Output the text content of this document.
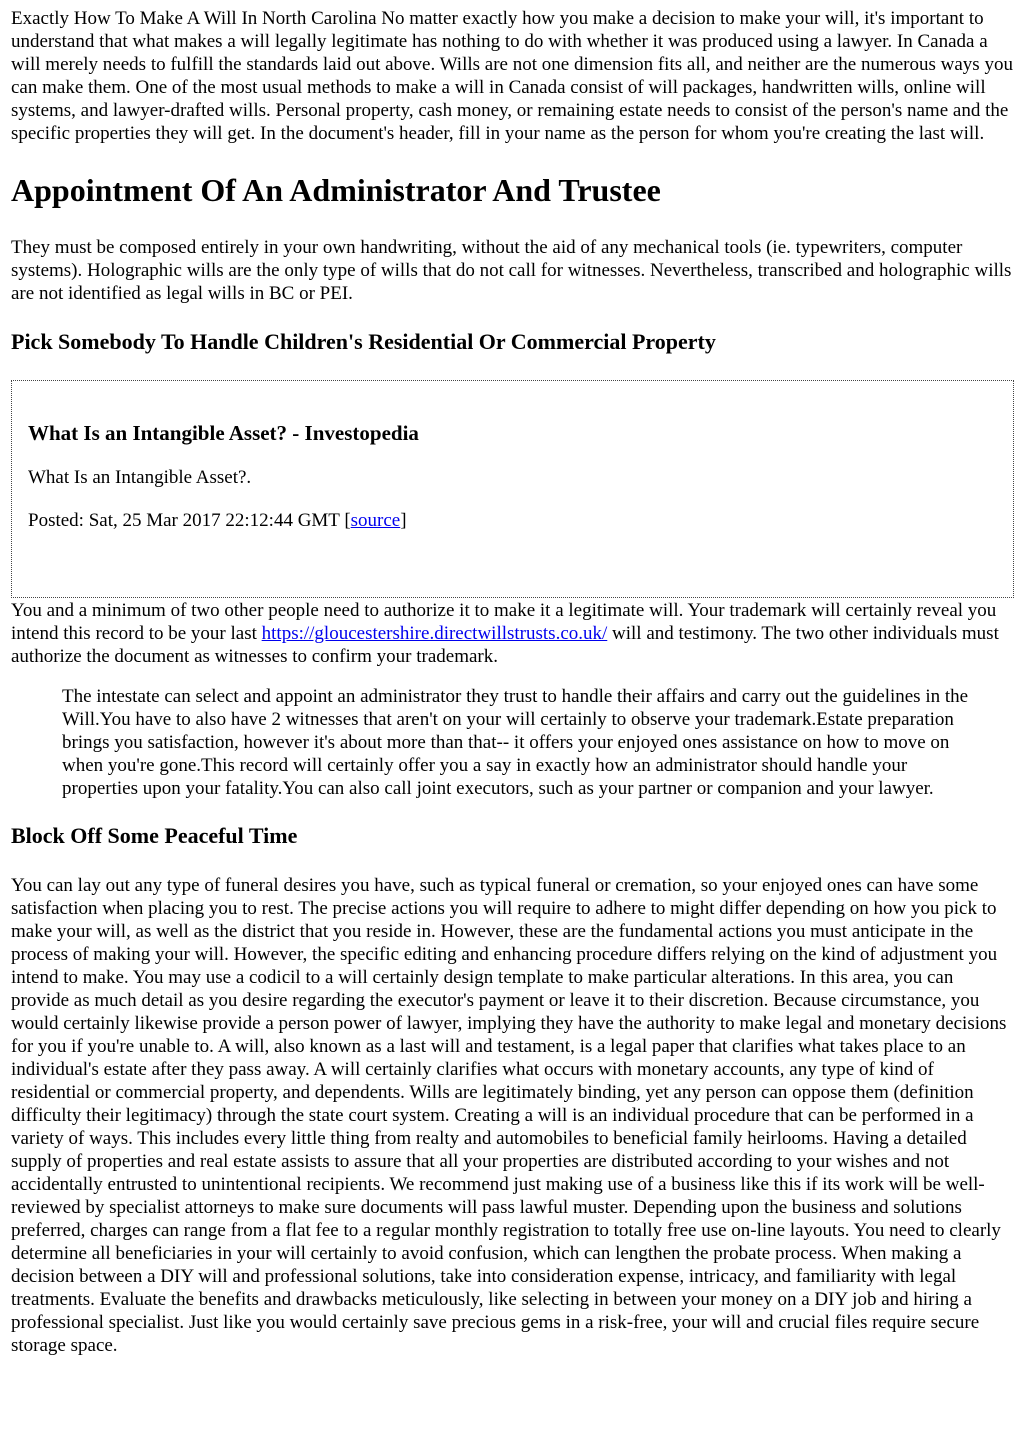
Exactly How To Make A Will In North Carolina No matter exactly how you make a decision to make your will, it's important to understand that what makes a will legally legitimate has nothing to do with whether it was produced using a lawyer. In Canada a will merely needs to fulfill the standards laid out above. Wills are not one dimension fits all, and neither are the numerous ways you can make them. One of the most usual methods to make a will in Canada consist of will packages, handwritten wills, online will systems, and lawyer-drafted wills. Personal property, cash money, or remaining estate needs to consist of the person's name and the specific properties they will get. In the document's header, fill in your name as the person for whom you're creating the last will.

Appointment Of An Administrator And Trustee

They must be composed entirely in your own handwriting, without the aid of any mechanical tools (ie. typewriters, computer systems). Holographic wills are the only type of wills that do not call for witnesses. Nevertheless, transcribed and holographic wills are not identified as legal wills in BC or PEI.

Pick Somebody To Handle Children's Residential Or Commercial Property
What Is an Intangible Asset? - Investopedia

What Is an Intangible Asset?.

Posted: Sat, 25 Mar 2017 22:12:44 GMT [source]

You and a minimum of two other people need to authorize it to make it a legitimate will. Your trademark will certainly reveal you intend this record to be your last https://gloucestershire.directwillstrusts.co.uk/ will and testimony. The two other individuals must authorize the document as witnesses to confirm your trademark.

The intestate can select and appoint an administrator they trust to handle their affairs and carry out the guidelines in the Will.You have to also have 2 witnesses that aren't on your will certainly to observe your trademark.Estate preparation brings you satisfaction, however it's about more than that-- it offers your enjoyed ones assistance on how to move on when you're gone.This record will certainly offer you a say in exactly how an administrator should handle your properties upon your fatality.You can also call joint executors, such as your partner or companion and your lawyer.
Block Off Some Peaceful Time

You can lay out any type of funeral desires you have, such as typical funeral or cremation, so your enjoyed ones can have some satisfaction when placing you to rest. The precise actions you will require to adhere to might differ depending on how you pick to make your will, as well as the district that you reside in. However, these are the fundamental actions you must anticipate in the process of making your will. However, the specific editing and enhancing procedure differs relying on the kind of adjustment you intend to make. You may use a codicil to a will certainly design template to make particular alterations. In this area, you can provide as much detail as you desire regarding the executor's payment or leave it to their discretion. Because circumstance, you would certainly likewise provide a person power of lawyer, implying they have the authority to make legal and monetary decisions for you if you're unable to. A will, also known as a last will and testament, is a legal paper that clarifies what takes place to an individual's estate after they pass away. A will certainly clarifies what occurs with monetary accounts, any type of kind of residential or commercial property, and dependents. Wills are legitimately binding, yet any person can oppose them (definition difficulty their legitimacy) through the state court system. Creating a will is an individual procedure that can be performed in a variety of ways. This includes every little thing from realty and automobiles to beneficial family heirlooms. Having a detailed supply of properties and real estate assists to assure that all your properties are distributed according to your wishes and not accidentally entrusted to unintentional recipients. We recommend just making use of a business like this if its work will be well-reviewed by specialist attorneys to make sure documents will pass lawful muster. Depending upon the business and solutions preferred, charges can range from a flat fee to a regular monthly registration to totally free use on-line layouts. You need to clearly determine all beneficiaries in your will certainly to avoid confusion, which can lengthen the probate process. When making a decision between a DIY will and professional solutions, take into consideration expense, intricacy, and familiarity with legal treatments. Evaluate the benefits and drawbacks meticulously, like selecting in between your money on a DIY job and hiring a professional specialist. Just like you would certainly save precious gems in a risk-free, your will and crucial files require secure storage space.
